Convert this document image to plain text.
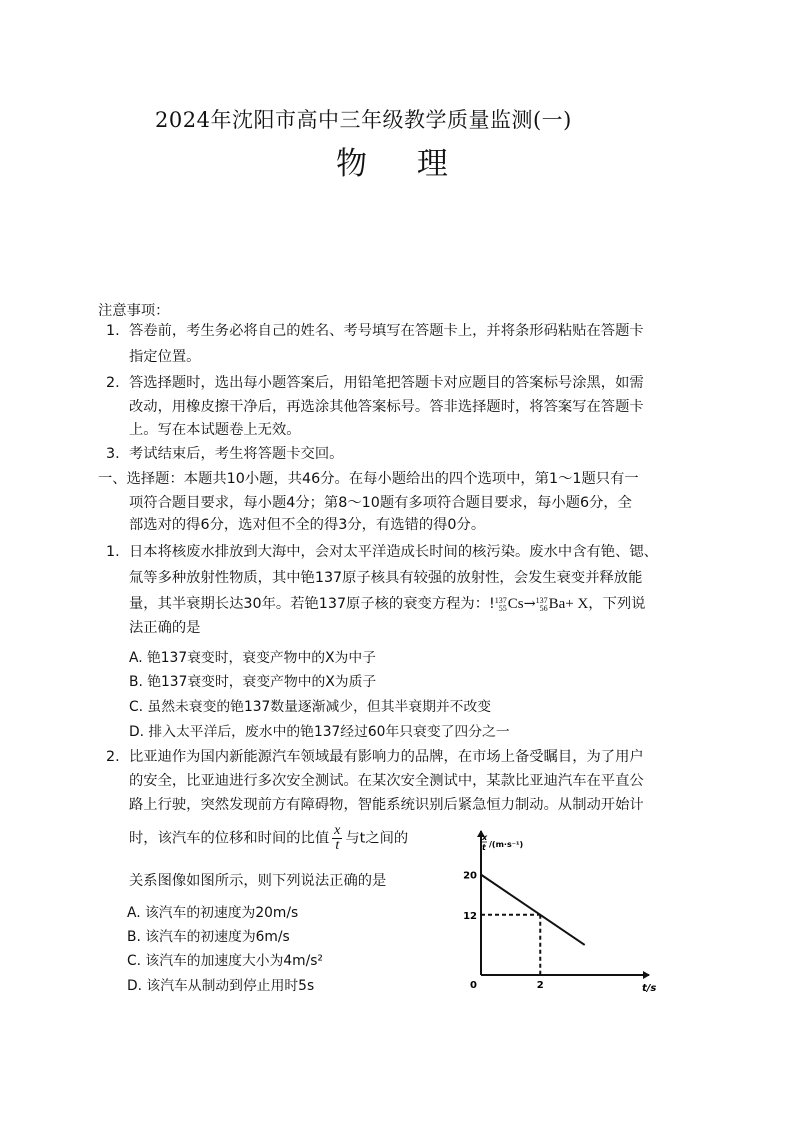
2024年沈阳市高中三年级教学质量监测(一)
物 理
注意事项：
1. 答卷前，考生务必将自己的姓名、考号填写在答题卡上，并将条形码粘贴在答题卡
指定位置。
2. 答选择题时，选出每小题答案后，用铅笔把答题卡对应题目的答案标号涂黑，如需
改动，用橡皮擦干净后，再选涂其他答案标号。答非选择题时，将答案写在答题卡
上。写在本试题卷上无效。
3. 考试结束后，考生将答题卡交回。
一、选择题：本题共10小题，共46分。在每小题给出的四个选项中，第1～1题只有一
项符合题目要求，每小题4分；第8～10题有多项符合题目要求，每小题6分，全
部选对的得6分，选对但不全的得3分，有选错的得0分。
1. 日本将核废水排放到大海中，会对太平洋造成长时间的核污染。废水中含有铯、锶、
氚等多种放射性物质，其中铯137原子核具有较强的放射性，会发生衰变并释放能
量，其半衰期长达30年。若铯137原子核的衰变方程为：!137
55Cs→137
56Ba+ X，下列说
法正确的是
A. 铯137衰变时，衰变产物中的X为中子
B. 铯137衰变时，衰变产物中的X为质子
C. 虽然未衰变的铯137数量逐渐减少，但其半衰期并不改变
D. 排入太平洋后，废水中的铯137经过60年只衰变了四分之一
2. 比亚迪作为国内新能源汽车领域最有影响力的品牌，在市场上备受瞩目，为了用户
的安全，比亚迪进行多次安全测试。在某次安全测试中，某款比亚迪汽车在平直公
路上行驶，突然发现前方有障碍物，智能系统识别后紧急恒力制动。从制动开始计
时，该汽车的位移和时间的比值 $\frac{x}{t}$ 与t之间的
关系图像如图所示，则下列说法正确的是
A. 该汽车的初速度为20m/s
B. 该汽车的初速度为6m/s
C. 该汽车的加速度大小为4m/s²
D. 该汽车从制动到停止用时5s	0	2
20
12
t/s
x
t /(m·s⁻¹)
